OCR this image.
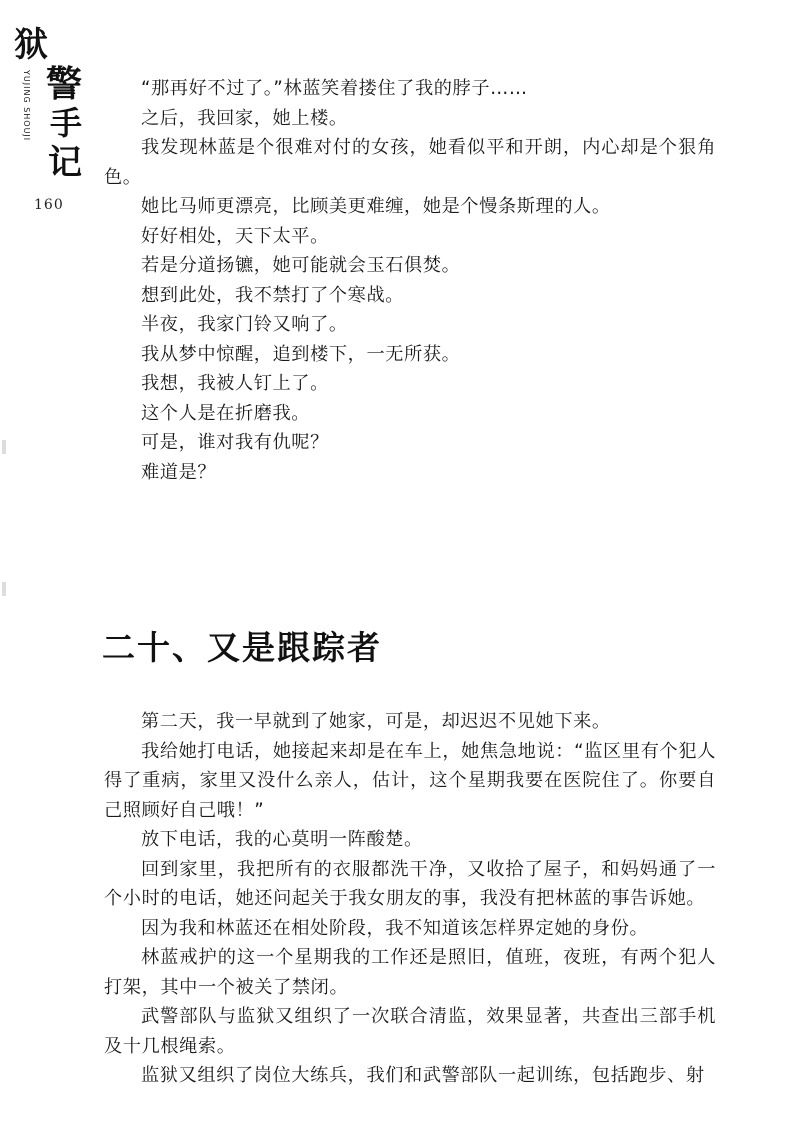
YUJING SHOUJI
狱
警
手
记
160

“那再好不过了。”林蓝笑着搂住了我的脖子……

之后，我回家，她上楼。

我发现林蓝是个很难对付的女孩，她看似平和开朗，内心却是个狠角色。

她比马师更漂亮，比顾美更难缠，她是个慢条斯理的人。

好好相处，天下太平。

若是分道扬镳，她可能就会玉石俱焚。

想到此处，我不禁打了个寒战。

半夜，我家门铃又响了。

我从梦中惊醒，追到楼下，一无所获。

我想，我被人钉上了。

这个人是在折磨我。

可是，谁对我有仇呢？

难道是？

二十、又是跟踪者

第二天，我一早就到了她家，可是，却迟迟不见她下来。

我给她打电话，她接起来却是在车上，她焦急地说：“监区里有个犯人得了重病，家里又没什么亲人，估计，这个星期我要在医院住了。你要自己照顾好自己哦！”

放下电话，我的心莫明一阵酸楚。

回到家里，我把所有的衣服都洗干净，又收拾了屋子，和妈妈通了一个小时的电话，她还问起关于我女朋友的事，我没有把林蓝的事告诉她。

因为我和林蓝还在相处阶段，我不知道该怎样界定她的身份。

林蓝戒护的这一个星期我的工作还是照旧，值班，夜班，有两个犯人打架，其中一个被关了禁闭。

武警部队与监狱又组织了一次联合清监，效果显著，共查出三部手机及十几根绳索。

监狱又组织了岗位大练兵，我们和武警部队一起训练，包括跑步、射
